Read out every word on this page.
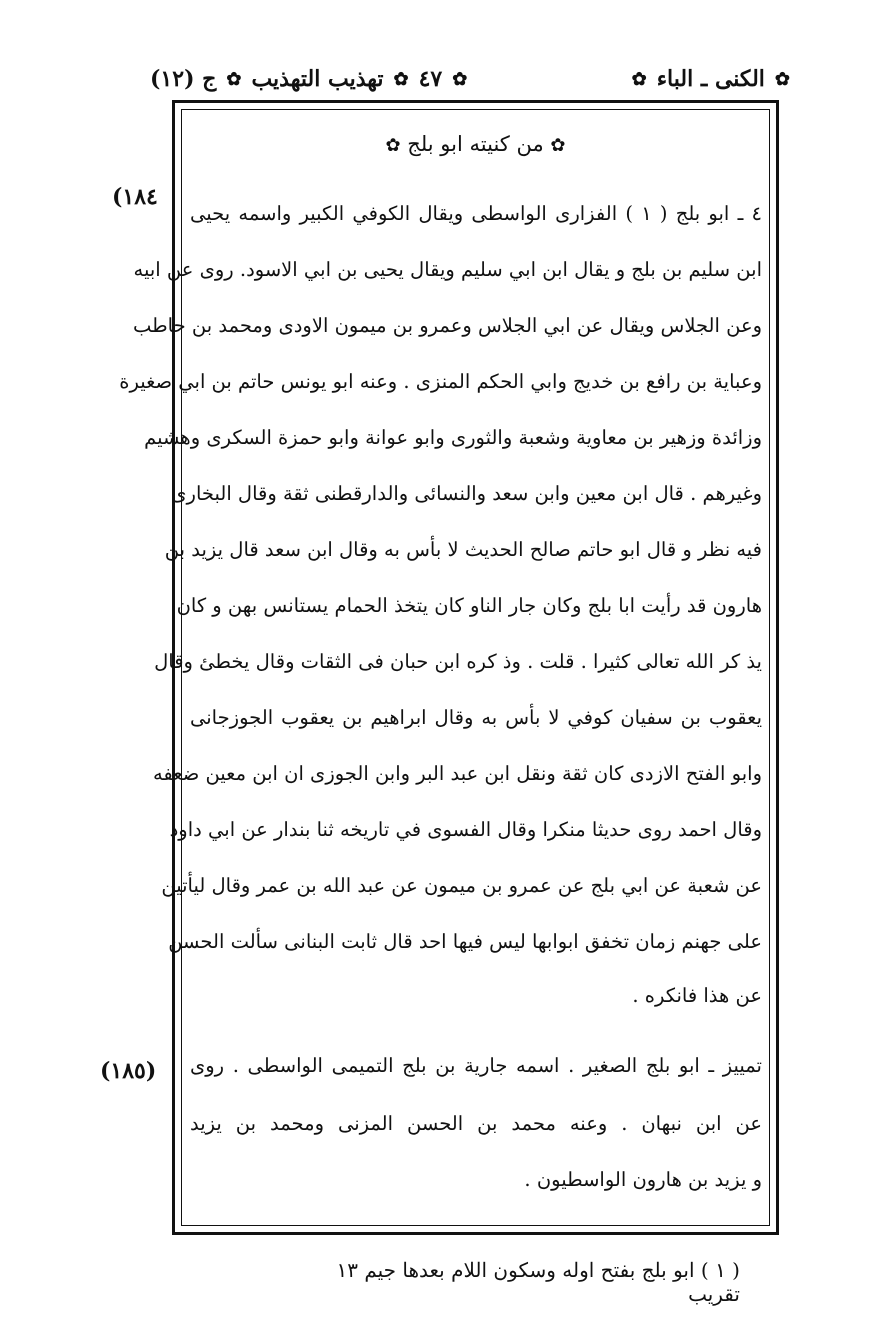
ج (١٢) ✿ تهذيب التهذيب ✿ ٤٧ ✿	✿ الكنى ـ الباء ✿
✿ من كنيته ابو بلج ✿
(١٨٤
(١٨٥)
٤ ـ ابو بلج ( ١ ) الفزارى الواسطى ويقال الكوفي الكبير واسمه يحيى
ابن سليم بن بلج و يقال ابن ابي سليم ويقال يحيى بن ابي الاسود. روى عن ابيه
وعن الجلاس ويقال عن ابي الجلاس وعمرو بن ميمون الاودى ومحمد بن حاطب
وعباية بن رافع بن خديج وابي الحكم المنزى . وعنه ابو يونس حاتم بن ابي صغيرة
وزائدة وزهير بن معاوية وشعبة والثورى وابو عوانة وابو حمزة السكرى وهشيم
وغيرهم . قال ابن معين وابن سعد والنسائى والدارقطنى ثقة وقال البخارى
فيه نظر و قال ابو حاتم صالح الحديث لا بأس به وقال ابن سعد قال يزيد بن
هارون قد رأيت ابا بلج وكان جار الناو كان يتخذ الحمام يستانس بهن و كان
يذ كر الله تعالى كثيرا . قلت . وذ كره ابن حبان فى الثقات وقال يخطئ وقال
يعقوب بن سفيان كوفي لا بأس به وقال ابراهيم بن يعقوب الجوزجانى
وابو الفتح الازدى كان ثقة ونقل ابن عبد البر وابن الجوزى ان ابن معين ضعفه
وقال احمد روى حديثا منكرا وقال الفسوى في تاريخه ثنا بندار عن ابي داود
عن شعبة عن ابي بلج عن عمرو بن ميمون عن عبد الله بن عمر وقال ليأتين
على جهنم زمان تخفق ابوابها ليس فيها احد قال ثابت البنانى سألت الحسن
عن هذا فانكره .
تمييز ـ ابو بلج الصغير . اسمه جارية بن بلج التميمى الواسطى . روى
عن ابن نبهان . وعنه محمد بن الحسن المزنى ومحمد بن يزيد
و يزيد بن هارون الواسطيون .
( ١ ) ابو بلج بفتح اوله وسكون اللام بعدها جيم ١٣ تقريب
